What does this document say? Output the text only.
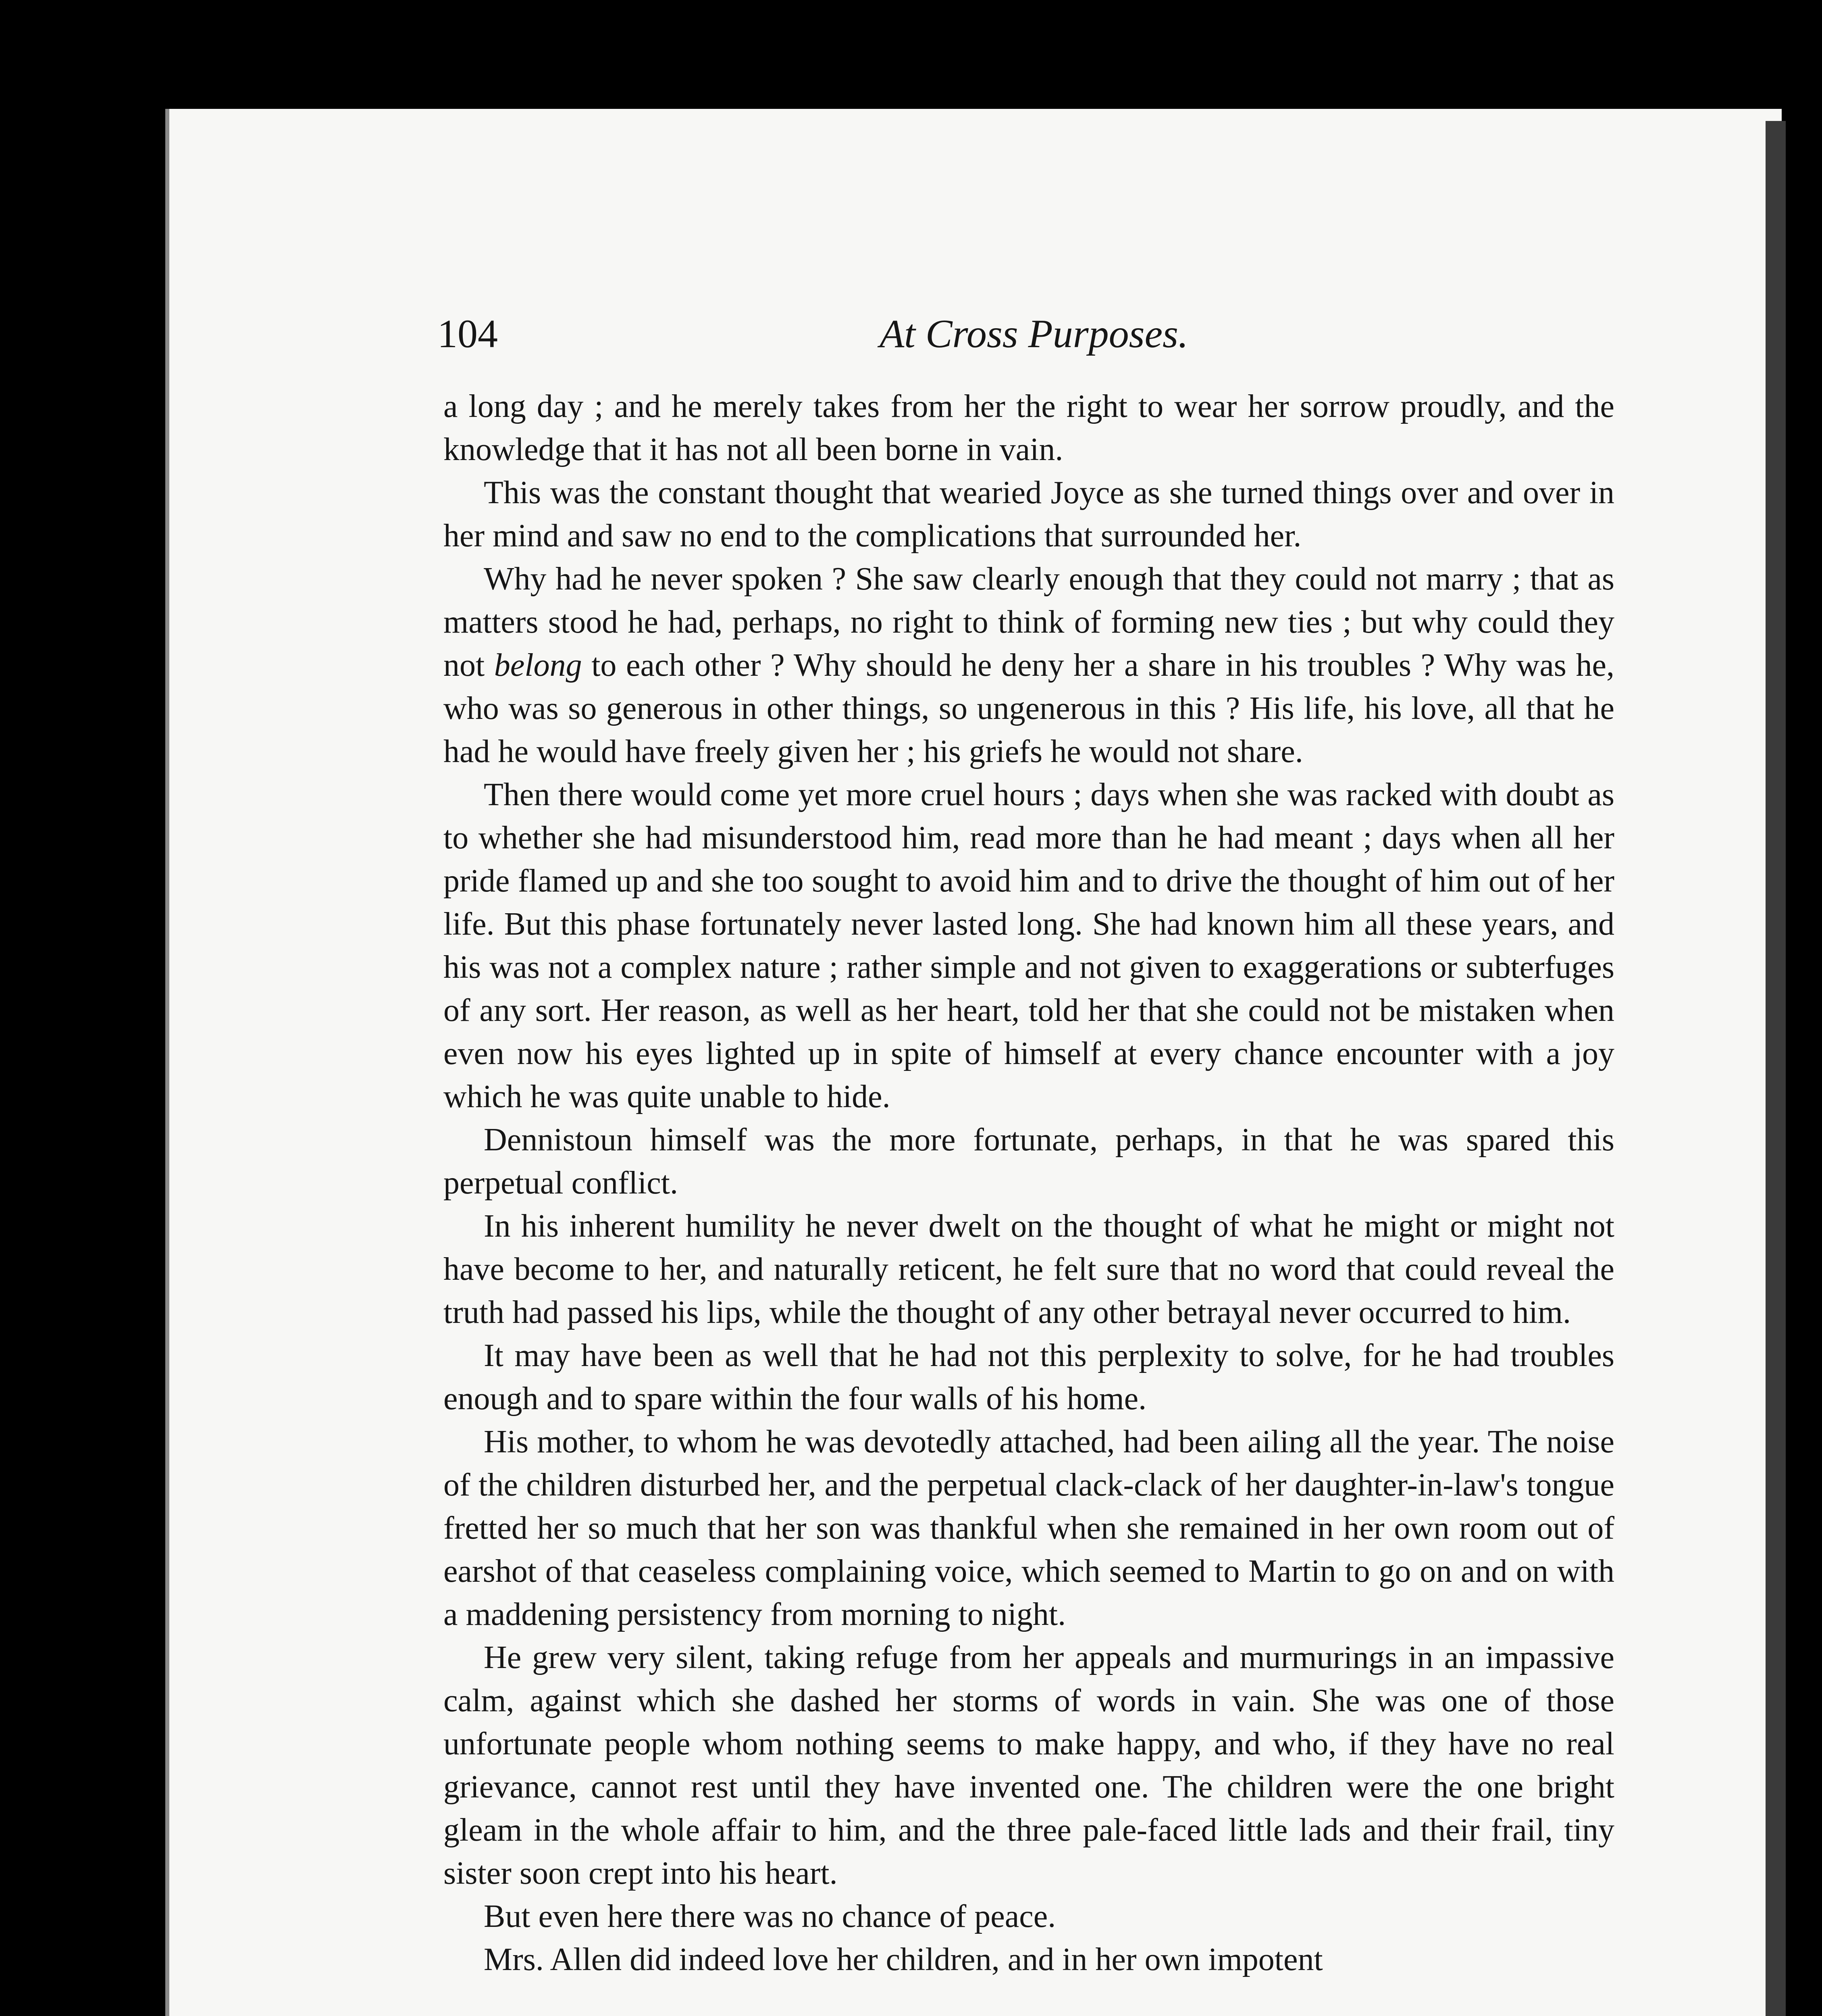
104	At Cross Purposes.

a long day ; and he merely takes from her the right to wear her sorrow proudly, and the knowledge that it has not all been borne in vain.

This was the constant thought that wearied Joyce as she turned things over and over in her mind and saw no end to the complications that surrounded her.

Why had he never spoken ? She saw clearly enough that they could not marry ; that as matters stood he had, perhaps, no right to think of forming new ties ; but why could they not belong to each other ? Why should he deny her a share in his troubles ? Why was he, who was so generous in other things, so ungenerous in this ? His life, his love, all that he had he would have freely given her ; his griefs he would not share.

Then there would come yet more cruel hours ; days when she was racked with doubt as to whether she had misunderstood him, read more than he had meant ; days when all her pride flamed up and she too sought to avoid him and to drive the thought of him out of her life. But this phase fortunately never lasted long. She had known him all these years, and his was not a complex nature ; rather simple and not given to exaggerations or subterfuges of any sort. Her reason, as well as her heart, told her that she could not be mistaken when even now his eyes lighted up in spite of himself at every chance encounter with a joy which he was quite unable to hide.

Dennistoun himself was the more fortunate, perhaps, in that he was spared this perpetual conflict.

In his inherent humility he never dwelt on the thought of what he might or might not have become to her, and naturally reticent, he felt sure that no word that could reveal the truth had passed his lips, while the thought of any other betrayal never occurred to him.

It may have been as well that he had not this perplexity to solve, for he had troubles enough and to spare within the four walls of his home.

His mother, to whom he was devotedly attached, had been ailing all the year. The noise of the children disturbed her, and the perpetual clack-clack of her daughter-in-law's tongue fretted her so much that her son was thankful when she remained in her own room out of earshot of that ceaseless complaining voice, which seemed to Martin to go on and on with a maddening persistency from morning to night.

He grew very silent, taking refuge from her appeals and murmurings in an impassive calm, against which she dashed her storms of words in vain. She was one of those unfortunate people whom nothing seems to make happy, and who, if they have no real grievance, cannot rest until they have invented one. The children were the one bright gleam in the whole affair to him, and the three pale-faced little lads and their frail, tiny sister soon crept into his heart.

But even here there was no chance of peace.

Mrs. Allen did indeed love her children, and in her own impotent
